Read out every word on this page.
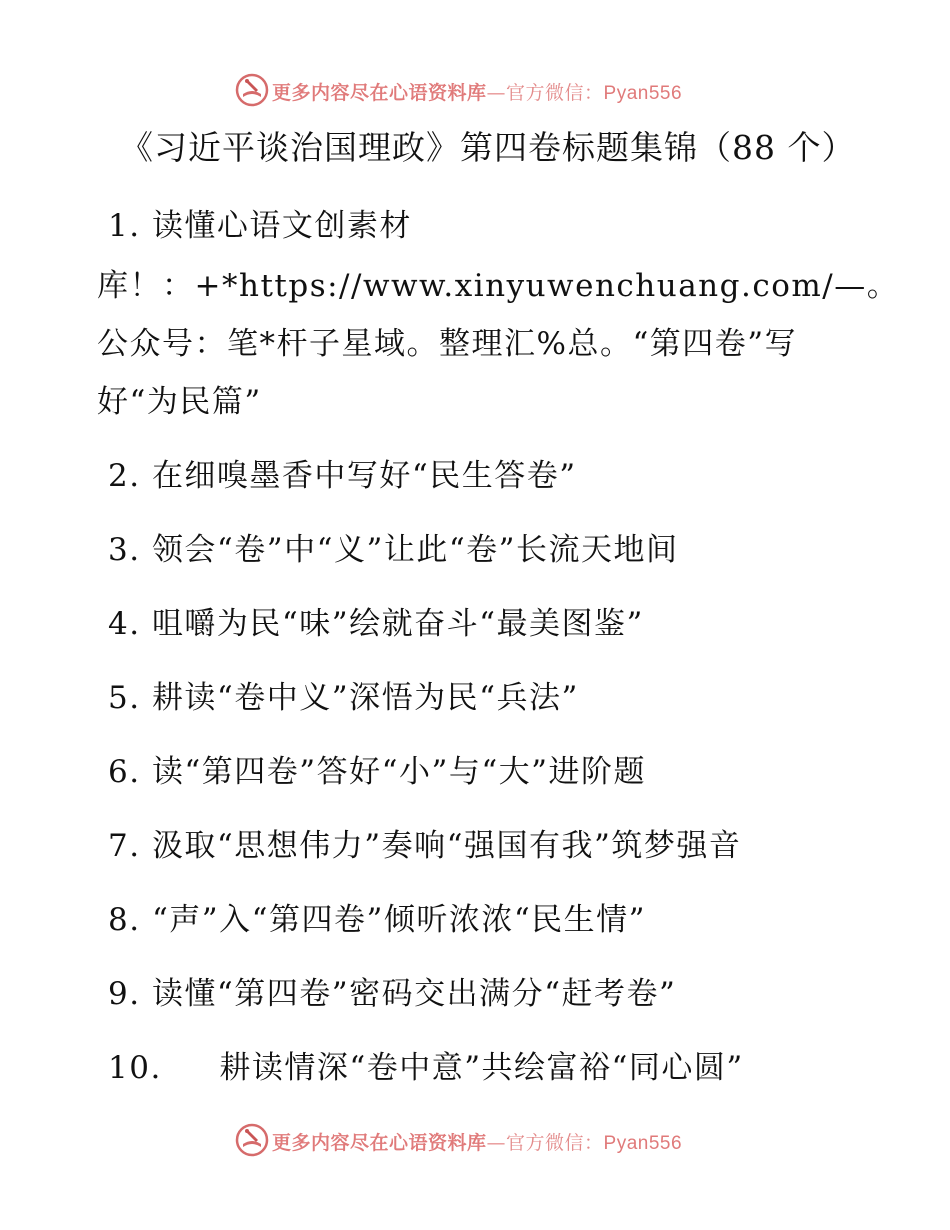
更多内容尽在心语资料库—官方微信：Pyan556
《习近平谈治国理政》第四卷标题集锦（88 个）
1. 读懂心语文创素材
库！：+*https://www.xinyuwenchuang.com/—。
公众号：笔*杆子星域。整理汇%总。“第四卷”写
好“为民篇”
2. 在细嗅墨香中写好“民生答卷”
3. 领会“卷”中“义”让此“卷”长流天地间
4. 咀嚼为民“味”绘就奋斗“最美图鉴”
5. 耕读“卷中义”深悟为民“兵法”
6. 读“第四卷”答好“小”与“大”进阶题
7. 汲取“思想伟力”奏响“强国有我”筑梦强音
8. “声”入“第四卷”倾听浓浓“民生情”
9. 读懂“第四卷”密码交出满分“赶考卷”
10. 耕读情深“卷中意”共绘富裕“同心圆”
更多内容尽在心语资料库—官方微信：Pyan556
